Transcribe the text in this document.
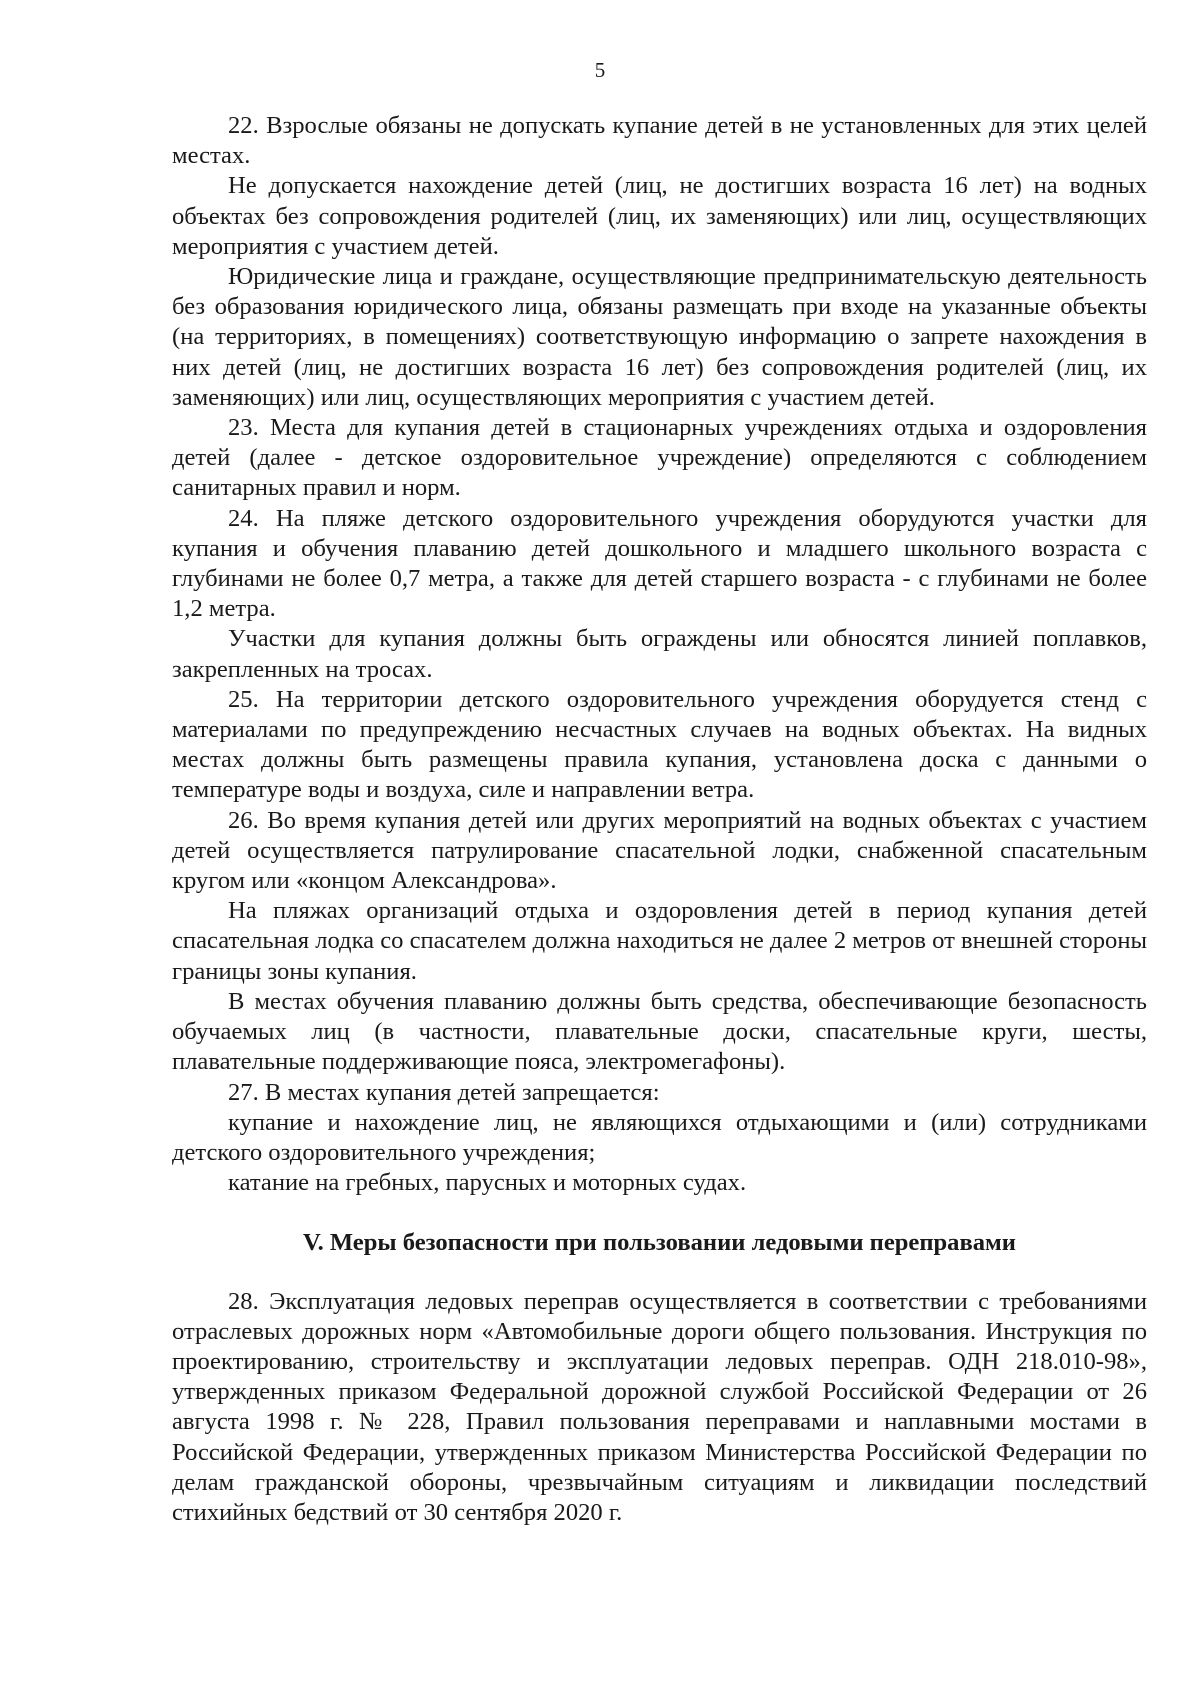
5

22. Взрослые обязаны не допускать купание детей в не установленных для этих целей местах.

Не допускается нахождение детей (лиц, не достигших возраста 16 лет) на водных объектах без сопровождения родителей (лиц, их заменяющих) или лиц, осуществляющих мероприятия с участием детей.

Юридические лица и граждане, осуществляющие предпринимательскую деятельность без образования юридического лица, обязаны размещать при входе на указанные объекты (на территориях, в помещениях) соответствующую информацию о запрете нахождения в них детей (лиц, не достигших возраста 16 лет) без сопровождения родителей (лиц, их заменяющих) или лиц, осуществляющих мероприятия с участием детей.

23. Места для купания детей в стационарных учреждениях отдыха и оздоровления детей (далее - детское оздоровительное учреждение) определяются с соблюдением санитарных правил и норм.

24. На пляже детского оздоровительного учреждения оборудуются участки для купания и обучения плаванию детей дошкольного и младшего школьного возраста с глубинами не более 0,7 метра, а также для детей старшего возраста - с глубинами не более 1,2 метра.

Участки для купания должны быть ограждены или обносятся линией поплавков, закрепленных на тросах.

25. На территории детского оздоровительного учреждения оборудуется стенд с материалами по предупреждению несчастных случаев на водных объектах. На видных местах должны быть размещены правила купания, установлена доска с данными о температуре воды и воздуха, силе и направлении ветра.

26. Во время купания детей или других мероприятий на водных объектах с участием детей осуществляется патрулирование спасательной лодки, снабженной спасательным кругом или «концом Александрова».

На пляжах организаций отдыха и оздоровления детей в период купания детей спасательная лодка со спасателем должна находиться не далее 2 метров от внешней стороны границы зоны купания.

В местах обучения плаванию должны быть средства, обеспечивающие безопасность обучаемых лиц (в частности, плавательные доски, спасательные круги, шесты, плавательные поддерживающие пояса, электромегафоны).

27. В местах купания детей запрещается:

купание и нахождение лиц, не являющихся отдыхающими и (или) сотрудниками детского оздоровительного учреждения;

катание на гребных, парусных и моторных судах.

V. Меры безопасности при пользовании ледовыми переправами

28. Эксплуатация ледовых переправ осуществляется в соответствии с требованиями отраслевых дорожных норм «Автомобильные дороги общего пользования. Инструкция по проектированию, строительству и эксплуатации ледовых переправ. ОДН 218.010-98», утвержденных приказом Федеральной дорожной службой Российской Федерации от 26 августа 1998 г. № 228, Правил пользования переправами и наплавными мостами в Российской Федерации, утвержденных приказом Министерства Российской Федерации по делам гражданской обороны, чрезвычайным ситуациям и ликвидации последствий стихийных бедствий от 30 сентября 2020 г.
